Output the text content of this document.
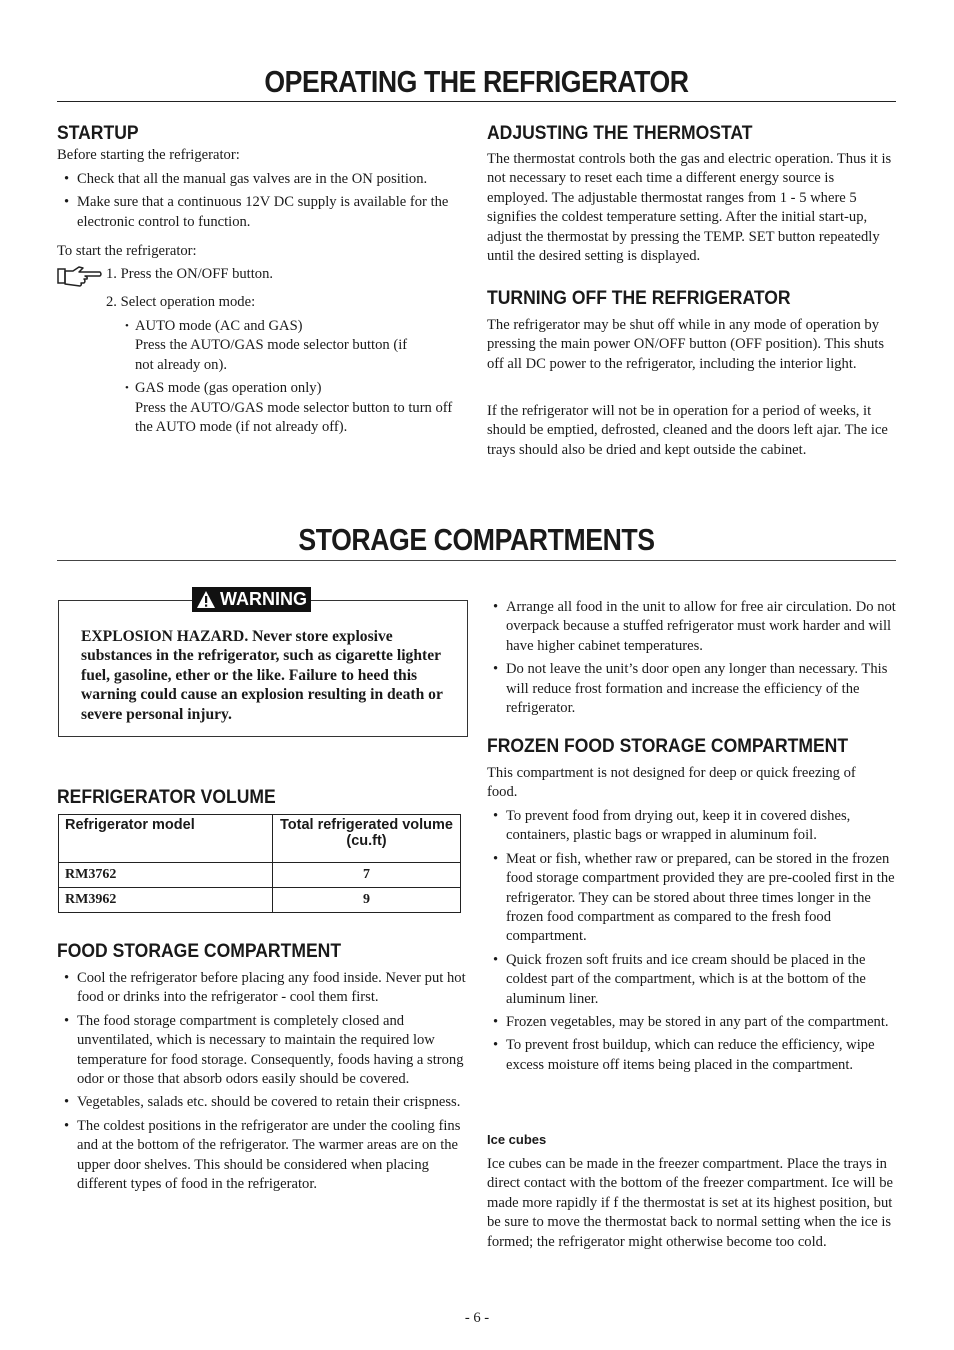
OPERATING THE REFRIGERATOR
STARTUP

Before starting the refrigerator:

• Check that all the manual gas valves are in the ON position.
• Make sure that a continuous 12V DC supply is available for the electronic control to function.

To start the refrigerator:

1. Press the ON/OFF button.

2. Select operation mode:

• AUTO mode (AC and GAS)
Press the AUTO/GAS mode selector button (if not already on).
• GAS mode (gas operation only)
Press the AUTO/GAS mode selector button to turn off the AUTO mode (if not already off).
ADJUSTING THE THERMOSTAT

The thermostat controls both the gas and electric operation. Thus it is not necessary to reset each time a different energy source is employed. The adjustable thermostat ranges from 1 - 5 where 5 signifies the coldest temperature setting. After the initial start-up, adjust the thermostat by pressing the TEMP. SET button repeatedly until the desired setting is displayed.

TURNING OFF THE REFRIGERATOR

The refrigerator may be shut off while in any mode of operation by pressing the main power ON/OFF button (OFF position). This shuts off all DC power to the refrigerator, including the interior light.

If the refrigerator will not be in operation for a period of weeks, it should be emptied, defrosted, cleaned and the doors left ajar. The ice trays should also be dried and kept outside the cabinet.

STORAGE COMPARTMENTS

EXPLOSION HAZARD. Never store explosive substances in the refrigerator, such as cigarette lighter fuel, gasoline, ether or the like. Failure to heed this warning could cause an explosion resulting in death or severe personal injury.

WARNING
REFRIGERATOR VOLUME
Refrigerator model	Total refrigerated volume (cu.ft)
RM3762	7
RM3962	9
FOOD STORAGE COMPARTMENT
• Cool the refrigerator before placing any food inside. Never put hot food or drinks into the refrigerator - cool them first.
• The food storage compartment is completely closed and unventilated, which is necessary to maintain the required low temperature for food storage. Consequently, foods having a strong odor or those that absorb odors easily should be covered.
• Vegetables, salads etc. should be covered to retain their crispness.
• The coldest positions in the refrigerator are under the cooling fins and at the bottom of the refrigerator. The warmer areas are on the upper door shelves. This should be considered when placing different types of food in the refrigerator.
• Arrange all food in the unit to allow for free air circulation. Do not overpack because a stuffed refrigerator must work harder and will have higher cabinet temperatures.
• Do not leave the unit’s door open any longer than necessary. This will reduce frost formation and increase the efficiency of the refrigerator.
FROZEN FOOD STORAGE COMPARTMENT

This compartment is not designed for deep or quick freezing of food.

• To prevent food from drying out, keep it in covered dishes, containers, plastic bags or wrapped in aluminum foil.
• Meat or fish, whether raw or prepared, can be stored in the frozen food storage compartment provided they are pre-cooled first in the refrigerator. They can be stored about three times longer in the frozen food compartment as compared to the fresh food compartment.
• Quick frozen soft fruits and ice cream should be placed in the coldest part of the compartment, which is at the bottom of the aluminum liner.
• Frozen vegetables, may be stored in any part of the compartment.
• To prevent frost buildup, which can reduce the efficiency, wipe excess moisture off items being placed in the compartment.
Ice cubes

Ice cubes can be made in the freezer compartment. Place the trays in direct contact with the bottom of the freezer compartment. Ice will be made more rapidly if f the thermostat is set at its highest position, but be sure to move the thermostat back to normal setting when the ice is formed; the refrigerator might otherwise become too cold.

- 6 -
